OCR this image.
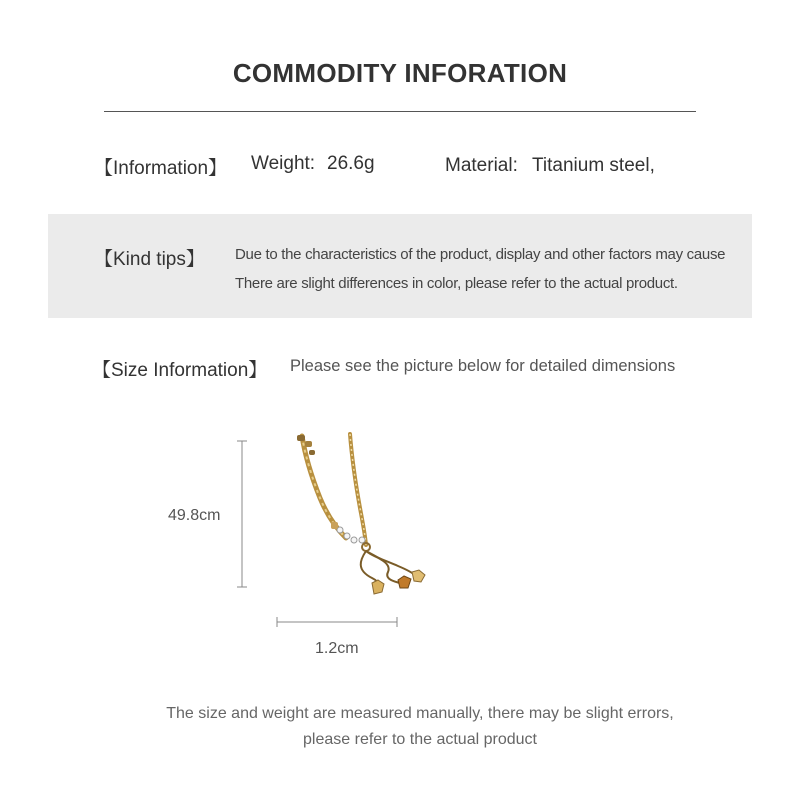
COMMODITY INFORATION
【Information】 Weight: 26.6g	Material: Titanium steel,
【Kind tips】 Due to the characteristics of the product, display and other factors may cause
There are slight differences in color, please refer to the actual product.
【Size Information】 Please see the picture below for detailed dimensions
49.8cm
1.2cm
The size and weight are measured manually, there may be slight errors,
please refer to the actual product
